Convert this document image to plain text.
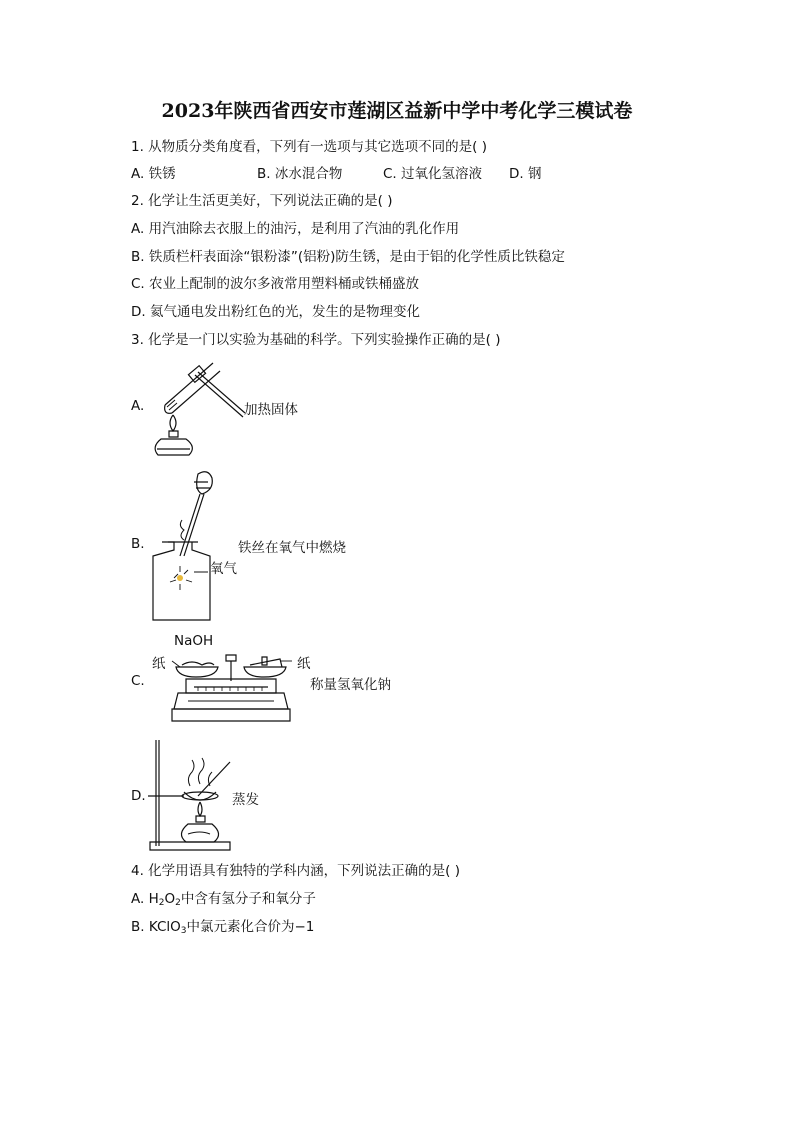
2023年陕西省西安市莲湖区益新中学中考化学三模试卷
1. 从物质分类角度看，下列有一选项与其它选项不同的是( )
A. 铁锈	B. 冰水混合物	C. 过氧化氢溶液 D. 钢
2. 化学让生活更美好，下列说法正确的是( )
A. 用汽油除去衣服上的油污，是利用了汽油的乳化作用
B. 铁质栏杆表面涂“银粉漆”(铝粉)防生锈，是由于铝的化学性质比铁稳定
C. 农业上配制的波尔多液常用塑料桶或铁桶盛放
D. 氦气通电发出粉红色的光，发生的是物理变化
3. 化学是一门以实验为基础的科学。下列实验操作正确的是( )
A.	加热固体
B.	铁丝在氧气中燃烧
氧气
C.
NaOH
纸	纸
称量氢氧化钠
D.	蒸发
4. 化学用语具有独特的学科内涵，下列说法正确的是( )
A. $H_2O_2$中含有氢分子和氧分子
B. KClO$_3$中氯元素化合价为−1
